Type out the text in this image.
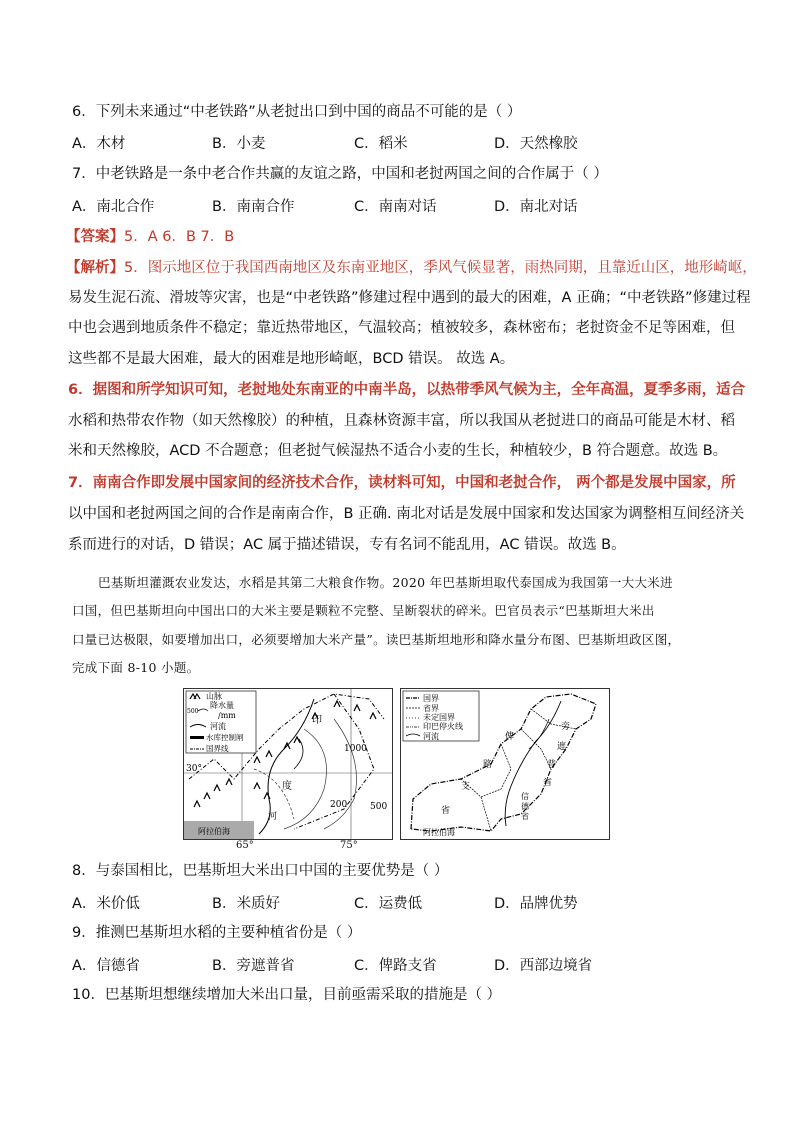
6．下列未来通过“中老铁路”从老挝出口到中国的商品不可能的是（ ）
A．木材	B．小麦	C．稻米	D．天然橡胶
7．中老铁路是一条中老合作共赢的友谊之路，中国和老挝两国之间的合作属于（ ）
A．南北合作	B．南南合作	C．南南对话	D．南北对话
【答案】5．A 6．B 7．B
【解析】5．图示地区位于我国西南地区及东南亚地区，季风气候显著，雨热同期，且靠近山区，地形崎岖，
易发生泥石流、滑坡等灾害，也是“中老铁路”修建过程中遇到的最大的困难，A 正确；“中老铁路”修建过程
中也会遇到地质条件不稳定；靠近热带地区，气温较高；植被较多，森林密布；老挝资金不足等困难，但
这些都不是最大困难，最大的困难是地形崎岖，BCD 错误。 故选 A。
6．据图和所学知识可知，老挝地处东南亚的中南半岛，以热带季风气候为主，全年高温，夏季多雨，适合
水稻和热带农作物（如天然橡胶）的种植，且森林资源丰富，所以我国从老挝进口的商品可能是木材、稻
米和天然橡胶，ACD 不合题意；但老挝气候湿热不适合小麦的生长，种植较少，B 符合题意。故选 B。
7．南南合作即发展中国家间的经济技术合作，读材料可知，中国和老挝合作， 两个都是发展中国家，所
以中国和老挝两国之间的合作是南南合作，B 正确. 南北对话是发展中国家和发达国家为调整相互间经济关
系而进行的对话，D 错误；AC 属于描述错误，专有名词不能乱用，AC 错误。故选 B。
巴基斯坦灌溉农业发达，水稻是其第二大粮食作物。2020 年巴基斯坦取代泰国成为我国第一大大米进
口国，但巴基斯坦向中国出口的大米主要是颗粒不完整、呈断裂状的碎米。巴官员表示“巴基斯坦大米出
口量已达极限，如要增加出口，必须要增加大米产量”。读巴基斯坦地形和降水量分布图、巴基斯坦政区图，
完成下面 8-10 小题。
山脉
500
降水量
/mm
河流
水库控制闸
国界线
阿拉伯海
印
度
河
1000
200	500
30°
65°	75°
国界
省界
未定国界
印巴停火线
河流	俾
路
支
省
旁
遮
普
省
信
德
省
阿拉伯海
8．与泰国相比，巴基斯坦大米出口中国的主要优势是（ ）
A．米价低	B．米质好	C．运费低	D．品牌优势
9．推测巴基斯坦水稻的主要种植省份是（ ）
A．信德省	B．旁遮普省	C．俾路支省	D．西部边境省
10．巴基斯坦想继续增加大米出口量，目前亟需采取的措施是（ ）
